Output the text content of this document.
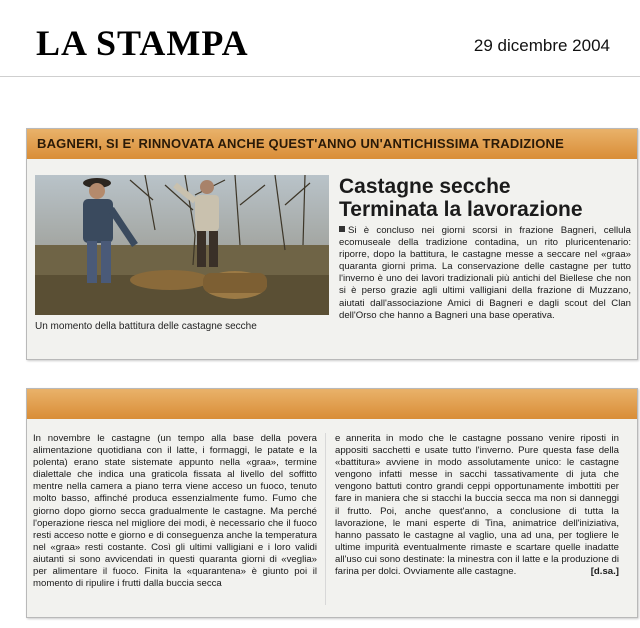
LA STAMPA	29 dicembre 2004
BAGNERI, SI E' RINNOVATA ANCHE QUEST'ANNO UN'ANTICHISSIMA TRADIZIONE
Un momento della battitura delle castagne secche
Castagne secche
Terminata la lavorazione
Si è concluso nei giorni scorsi in frazione Bagneri, cellula ecomuseale della tradizione contadina, un rito pluricentenario: riporre, dopo la battitura, le castagne messe a seccare nel «graa» quaranta giorni prima. La conservazione delle castagne per tutto l'inverno è uno dei lavori tradizionali più antichi del Biellese che non si è perso grazie agli ultimi valligiani della frazione di Muzzano, aiutati dall'associazione Amici di Bagneri e dagli scout del Clan dell'Orso che hanno a Bagneri una base operativa.
In novembre le castagne (un tempo alla base della povera alimentazione quotidiana con il latte, i formaggi, le patate e la polenta) erano state sistemate appunto nella «graa», termine dialettale che indica una graticola fissata al livello del soffitto mentre nella camera a piano terra viene acceso un fuoco, tenuto molto basso, affinché produca essenzialmente fumo. Fumo che giorno dopo giorno secca gradualmente le castagne. Ma perché l'operazione riesca nel migliore dei modi, è necessario che il fuoco resti acceso notte e giorno e di conseguenza anche la temperatura nel «graa» resti costante. Così gli ultimi valligiani e i loro validi aiutanti si sono avvicendati in questi quaranta giorni di «veglia» per alimentare il fuoco. Finita la «quarantena» è giunto poi il momento di ripulire i frutti dalla buccia secca
e annerita in modo che le castagne possano venire riposti in appositi sacchetti e usate tutto l'inverno. Pure questa fase della «battitura» avviene in modo assolutamente unico: le castagne vengono infatti messe in sacchi tassativamente di juta che vengono battuti contro grandi ceppi opportunamente imbottiti per fare in maniera che si stacchi la buccia secca ma non si danneggi il frutto. Poi, anche quest'anno, a conclusione di tutta la lavorazione, le mani esperte di Tina, animatrice dell'iniziativa, hanno passato le castagne al vaglio, una ad una, per togliere le ultime impurità eventualmente rimaste e scartare quelle inadatte all'uso cui sono destinate: la minestra con il latte e la produzione di farina per dolci. Ovviamente alle castagne.	[d.sa.]
